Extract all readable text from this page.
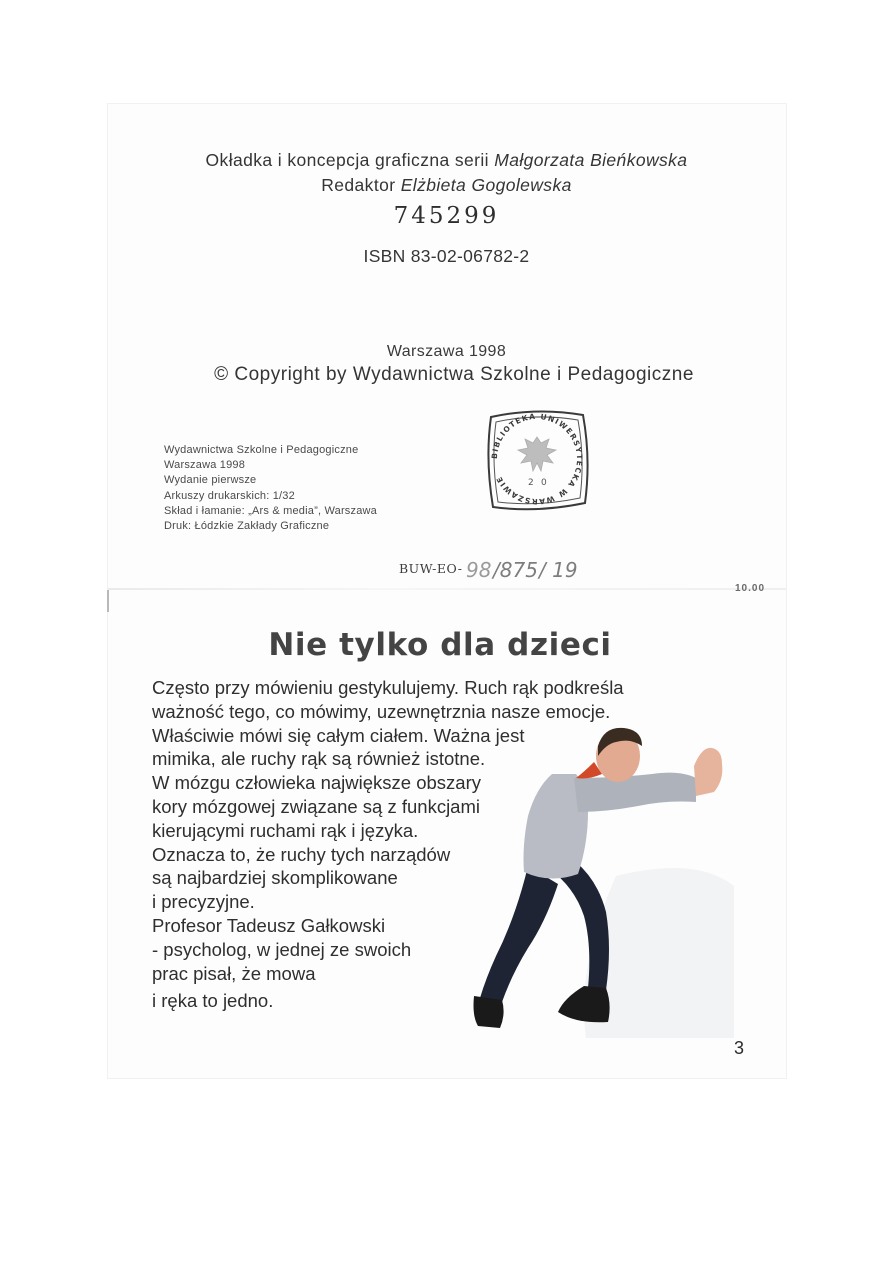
Okładka i koncepcja graficzna serii Małgorzata Bieńkowska
Redaktor Elżbieta Gogolewska
745299
ISBN 83-02-06782-2
Warszawa 1998
© Copyright by Wydawnictwa Szkolne i Pedagogiczne
Wydawnictwa Szkolne i Pedagogiczne
Warszawa 1998
Wydanie pierwsze
Arkuszy drukarskich: 1/32
Skład i łamanie: „Ars & media”, Warszawa
Druk: Łódzkie Zakłady Graficzne
BIBLIOTEKA UNIWERSYTECKA W WARSZAWIE	2 0
BUW-EO- 98 /875 / 19
10.00
Nie tylko dla dzieci
Często przy mówieniu gestykulujemy. Ruch rąk podkreśla
ważność tego, co mówimy, uzewnętrznia nasze emocje.
Właściwie mówi się całym ciałem. Ważna jest
mimika, ale ruchy rąk są również istotne.
W mózgu człowieka największe obszary
kory mózgowej związane są z funkcjami
kierującymi ruchami rąk i języka.
Oznacza to, że ruchy tych narządów
są najbardziej skomplikowane
i precyzyjne.
Profesor Tadeusz Gałkowski
- psycholog, w jednej ze swoich
prac pisał, że mowa
i ręka to jedno.
3
